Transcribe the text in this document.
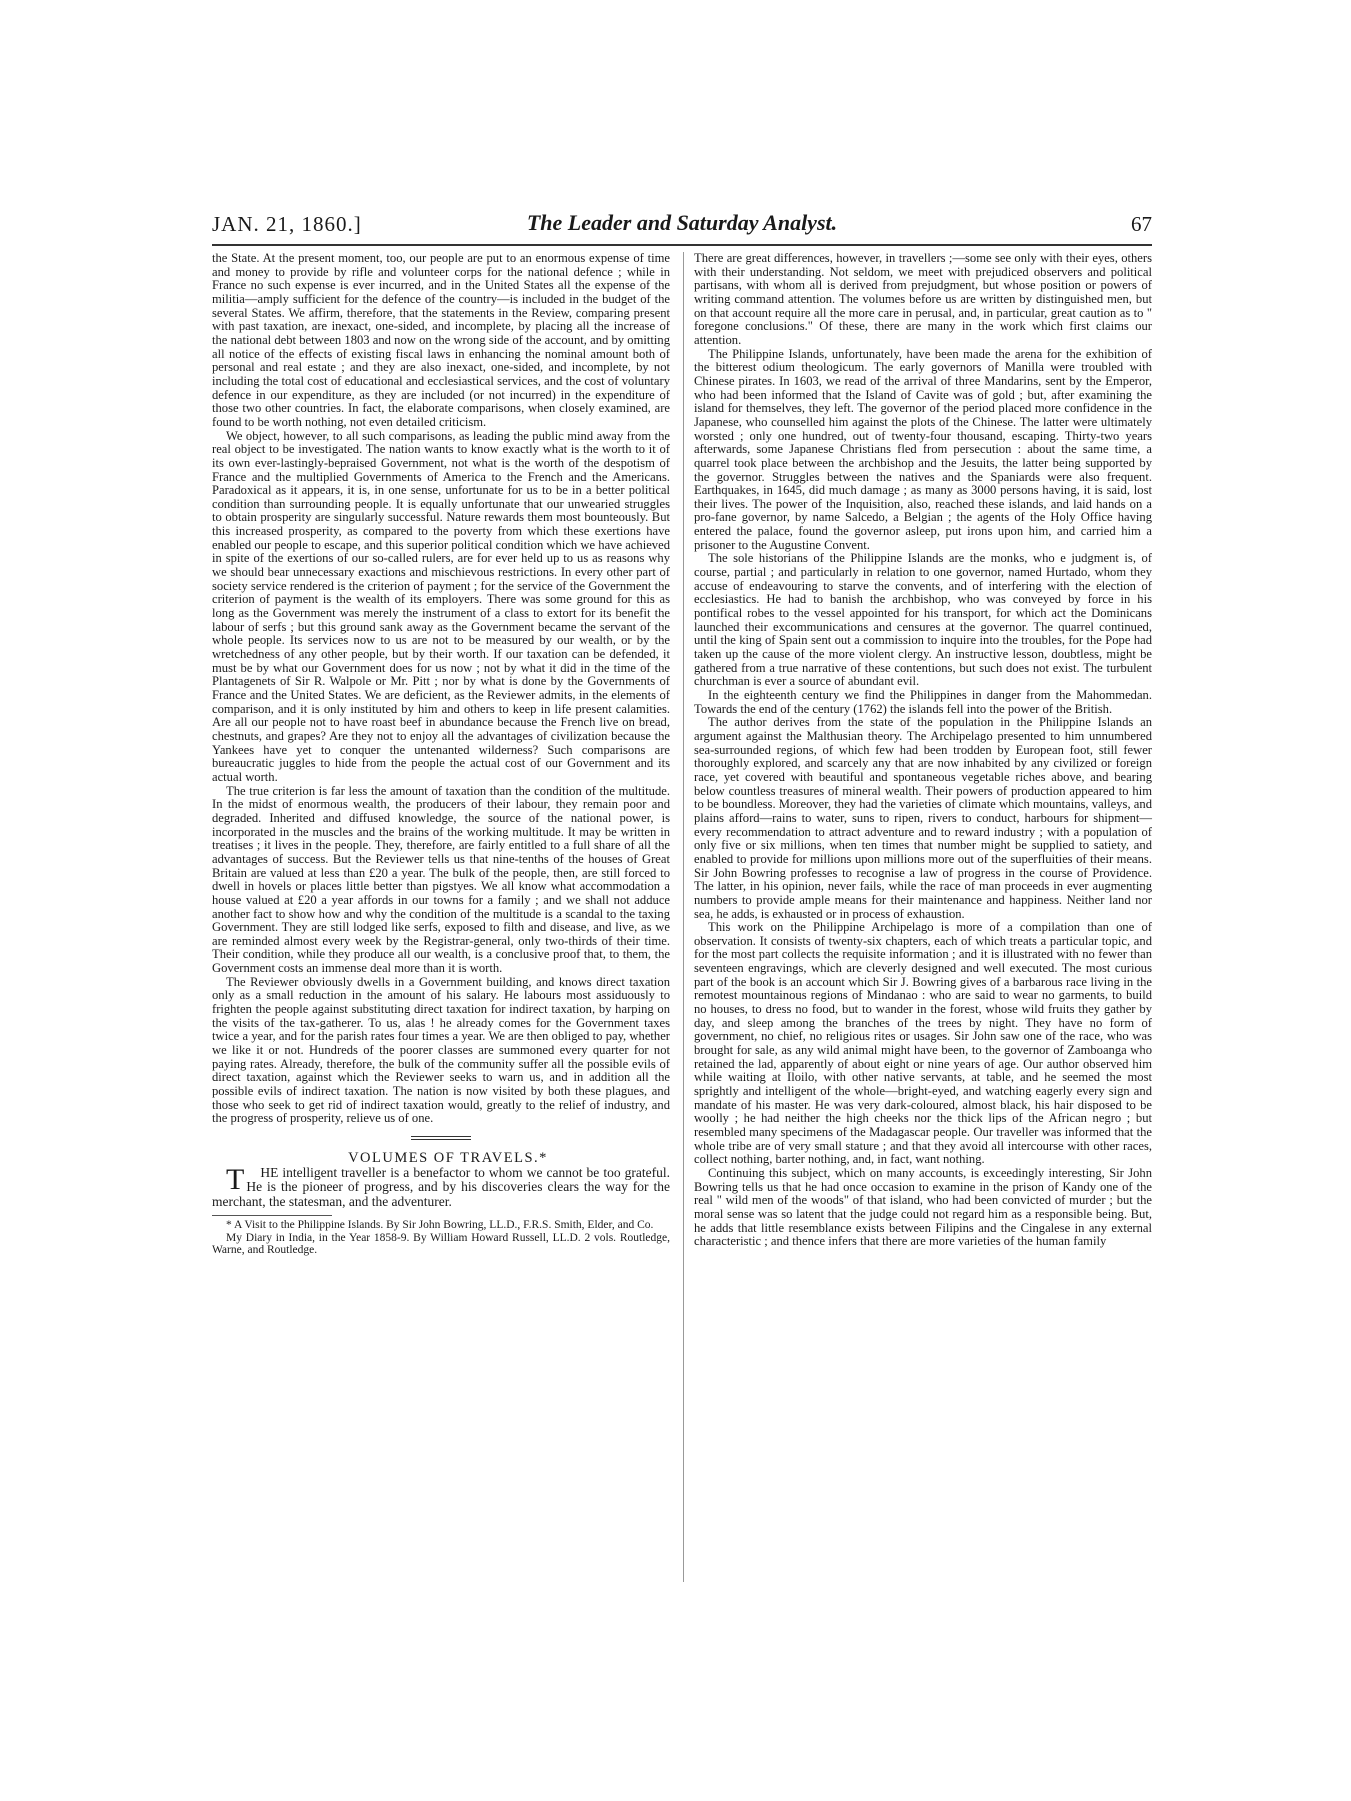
JAN. 21, 1860.]	The Leader and Saturday Analyst.	67

the State. At the present moment, too, our people are put to an enormous expense of time and money to provide by rifle and volunteer corps for the national defence ; while in France no such expense is ever incurred, and in the United States all the expense of the militia—amply sufficient for the defence of the country—is included in the budget of the several States. We affirm, therefore, that the statements in the Review, comparing present with past taxation, are inexact, one-sided, and incomplete, by placing all the increase of the national debt between 1803 and now on the wrong side of the account, and by omitting all notice of the effects of existing fiscal laws in enhancing the nominal amount both of personal and real estate ; and they are also inexact, one-sided, and incomplete, by not including the total cost of educational and ecclesiastical services, and the cost of voluntary defence in our expenditure, as they are included (or not incurred) in the expenditure of those two other countries. In fact, the elaborate comparisons, when closely examined, are found to be worth nothing, not even detailed criticism.

We object, however, to all such comparisons, as leading the public mind away from the real object to be investigated. The nation wants to know exactly what is the worth to it of its own ever-lastingly-bepraised Government, not what is the worth of the despotism of France and the multiplied Governments of America to the French and the Americans. Paradoxical as it appears, it is, in one sense, unfortunate for us to be in a better political condition than surrounding people. It is equally unfortunate that our unwearied struggles to obtain prosperity are singularly successful. Nature rewards them most bounteously. But this increased prosperity, as compared to the poverty from which these exertions have enabled our people to escape, and this superior political condition which we have achieved in spite of the exertions of our so-called rulers, are for ever held up to us as reasons why we should bear unnecessary exactions and mischievous restrictions. In every other part of society service rendered is the criterion of payment ; for the service of the Government the criterion of payment is the wealth of its employers. There was some ground for this as long as the Government was merely the instrument of a class to extort for its benefit the labour of serfs ; but this ground sank away as the Government became the servant of the whole people. Its services now to us are not to be measured by our wealth, or by the wretchedness of any other people, but by their worth. If our taxation can be defended, it must be by what our Government does for us now ; not by what it did in the time of the Plantagenets of Sir R. Walpole or Mr. Pitt ; nor by what is done by the Governments of France and the United States. We are deficient, as the Reviewer admits, in the elements of comparison, and it is only instituted by him and others to keep in life present calamities. Are all our people not to have roast beef in abundance because the French live on bread, chestnuts, and grapes? Are they not to enjoy all the advantages of civilization because the Yankees have yet to conquer the untenanted wilderness? Such comparisons are bureaucratic juggles to hide from the people the actual cost of our Government and its actual worth.

The true criterion is far less the amount of taxation than the condition of the multitude. In the midst of enormous wealth, the producers of their labour, they remain poor and degraded. Inherited and diffused knowledge, the source of the national power, is incorporated in the muscles and the brains of the working multitude. It may be written in treatises ; it lives in the people. They, therefore, are fairly entitled to a full share of all the advantages of success. But the Reviewer tells us that nine-tenths of the houses of Great Britain are valued at less than £20 a year. The bulk of the people, then, are still forced to dwell in hovels or places little better than pigstyes. We all know what accommodation a house valued at £20 a year affords in our towns for a family ; and we shall not adduce another fact to show how and why the condition of the multitude is a scandal to the taxing Government. They are still lodged like serfs, exposed to filth and disease, and live, as we are reminded almost every week by the Registrar-general, only two-thirds of their time. Their condition, while they produce all our wealth, is a conclusive proof that, to them, the Government costs an immense deal more than it is worth.

The Reviewer obviously dwells in a Government building, and knows direct taxation only as a small reduction in the amount of his salary. He labours most assiduously to frighten the people against substituting direct taxation for indirect taxation, by harping on the visits of the tax-gatherer. To us, alas ! he already comes for the Government taxes twice a year, and for the parish rates four times a year. We are then obliged to pay, whether we like it or not. Hundreds of the poorer classes are summoned every quarter for not paying rates. Already, therefore, the bulk of the community suffer all the possible evils of direct taxation, against which the Reviewer seeks to warn us, and in addition all the possible evils of indirect taxation. The nation is now visited by both these plagues, and those who seek to get rid of indirect taxation would, greatly to the relief of industry, and the progress of prosperity, relieve us of one.

VOLUMES OF TRAVELS.*

T HE intelligent traveller is a benefactor to whom we cannot be too grateful. He is the pioneer of progress, and by his discoveries clears the way for the merchant, the statesman, and the adventurer.

* A Visit to the Philippine Islands. By Sir John Bowring, LL.D., F.R.S. Smith, Elder, and Co.

My Diary in India, in the Year 1858-9. By William Howard Russell, LL.D. 2 vols. Routledge, Warne, and Routledge.

There are great differences, however, in travellers ;—some see only with their eyes, others with their understanding. Not seldom, we meet with prejudiced observers and political partisans, with whom all is derived from prejudgment, but whose position or powers of writing command attention. The volumes before us are written by distinguished men, but on that account require all the more care in perusal, and, in particular, great caution as to " foregone conclusions." Of these, there are many in the work which first claims our attention.

The Philippine Islands, unfortunately, have been made the arena for the exhibition of the bitterest odium theologicum. The early governors of Manilla were troubled with Chinese pirates. In 1603, we read of the arrival of three Mandarins, sent by the Emperor, who had been informed that the Island of Cavite was of gold ; but, after examining the island for themselves, they left. The governor of the period placed more confidence in the Japanese, who counselled him against the plots of the Chinese. The latter were ultimately worsted ; only one hundred, out of twenty-four thousand, escaping. Thirty-two years afterwards, some Japanese Christians fled from persecution : about the same time, a quarrel took place between the archbishop and the Jesuits, the latter being supported by the governor. Struggles between the natives and the Spaniards were also frequent. Earthquakes, in 1645, did much damage ; as many as 3000 persons having, it is said, lost their lives. The power of the Inquisition, also, reached these islands, and laid hands on a pro-fane governor, by name Salcedo, a Belgian ; the agents of the Holy Office having entered the palace, found the governor asleep, put irons upon him, and carried him a prisoner to the Augustine Convent.

The sole historians of the Philippine Islands are the monks, who e judgment is, of course, partial ; and particularly in relation to one governor, named Hurtado, whom they accuse of endeavouring to starve the convents, and of interfering with the election of ecclesiastics. He had to banish the archbishop, who was conveyed by force in his pontifical robes to the vessel appointed for his transport, for which act the Dominicans launched their excommunications and censures at the governor. The quarrel continued, until the king of Spain sent out a commission to inquire into the troubles, for the Pope had taken up the cause of the more violent clergy. An instructive lesson, doubtless, might be gathered from a true narrative of these contentions, but such does not exist. The turbulent churchman is ever a source of abundant evil.

In the eighteenth century we find the Philippines in danger from the Mahommedan. Towards the end of the century (1762) the islands fell into the power of the British.

The author derives from the state of the population in the Philippine Islands an argument against the Malthusian theory. The Archipelago presented to him unnumbered sea-surrounded regions, of which few had been trodden by European foot, still fewer thoroughly explored, and scarcely any that are now inhabited by any civilized or foreign race, yet covered with beautiful and spontaneous vegetable riches above, and bearing below countless treasures of mineral wealth. Their powers of production appeared to him to be boundless. Moreover, they had the varieties of climate which mountains, valleys, and plains afford—rains to water, suns to ripen, rivers to conduct, harbours for shipment—every recommendation to attract adventure and to reward industry ; with a population of only five or six millions, when ten times that number might be supplied to satiety, and enabled to provide for millions upon millions more out of the superfluities of their means. Sir John Bowring professes to recognise a law of progress in the course of Providence. The latter, in his opinion, never fails, while the race of man proceeds in ever augmenting numbers to provide ample means for their maintenance and happiness. Neither land nor sea, he adds, is exhausted or in process of exhaustion.

This work on the Philippine Archipelago is more of a compilation than one of observation. It consists of twenty-six chapters, each of which treats a particular topic, and for the most part collects the requisite information ; and it is illustrated with no fewer than seventeen engravings, which are cleverly designed and well executed. The most curious part of the book is an account which Sir J. Bowring gives of a barbarous race living in the remotest mountainous regions of Mindanao : who are said to wear no garments, to build no houses, to dress no food, but to wander in the forest, whose wild fruits they gather by day, and sleep among the branches of the trees by night. They have no form of government, no chief, no religious rites or usages. Sir John saw one of the race, who was brought for sale, as any wild animal might have been, to the governor of Zamboanga who retained the lad, apparently of about eight or nine years of age. Our author observed him while waiting at Iloilo, with other native servants, at table, and he seemed the most sprightly and intelligent of the whole—bright-eyed, and watching eagerly every sign and mandate of his master. He was very dark-coloured, almost black, his hair disposed to be woolly ; he had neither the high cheeks nor the thick lips of the African negro ; but resembled many specimens of the Madagascar people. Our traveller was informed that the whole tribe are of very small stature ; and that they avoid all intercourse with other races, collect nothing, barter nothing, and, in fact, want nothing.

Continuing this subject, which on many accounts, is exceedingly interesting, Sir John Bowring tells us that he had once occasion to examine in the prison of Kandy one of the real " wild men of the woods" of that island, who had been convicted of murder ; but the moral sense was so latent that the judge could not regard him as a responsible being. But, he adds that little resemblance exists between Filipins and the Cingalese in any external characteristic ; and thence infers that there are more varieties of the human family
